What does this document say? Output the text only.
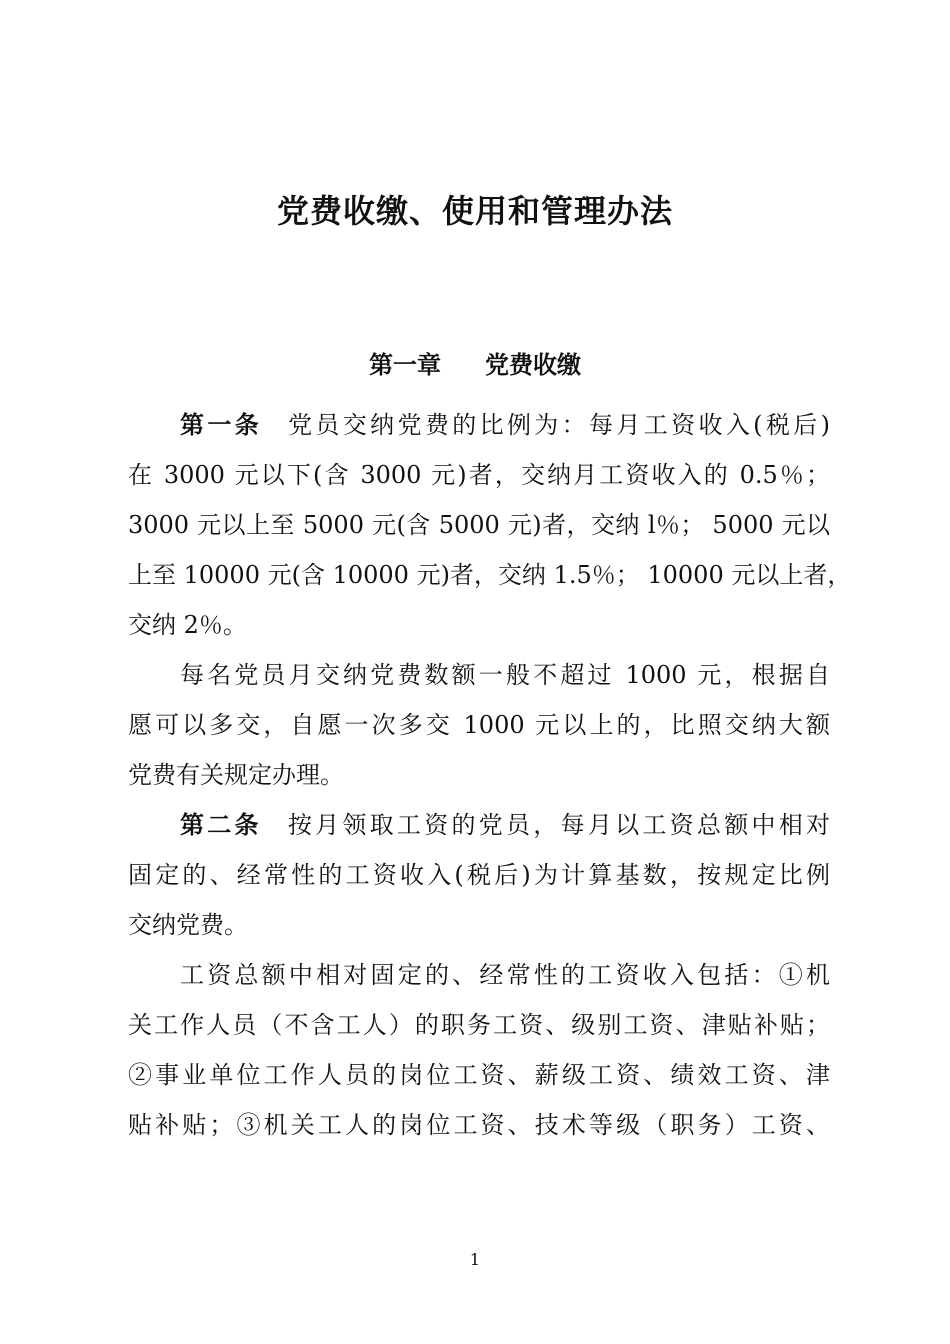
党费收缴、使用和管理办法
第一章 党费收缴
第一条 党员交纳党费的比例为：每月工资收入(税后)
在 3000 元以下(含 3000 元)者，交纳月工资收入的 0.5％；
3000 元以上至 5000 元(含 5000 元)者，交纳 l％； 5000 元以
上至 10000 元(含 10000 元)者，交纳 1.5％； 10000 元以上者，
交纳 2％。
每名党员月交纳党费数额一般不超过 1000 元，根据自
愿可以多交，自愿一次多交 1000 元以上的，比照交纳大额
党费有关规定办理。
第二条 按月领取工资的党员，每月以工资总额中相对
固定的、经常性的工资收入(税后)为计算基数，按规定比例
交纳党费。
工资总额中相对固定的、经常性的工资收入包括：①机
关工作人员（不含工人）的职务工资、级别工资、津贴补贴；
②事业单位工作人员的岗位工资、薪级工资、绩效工资、津
贴补贴；③机关工人的岗位工资、技术等级（职务）工资、
1
